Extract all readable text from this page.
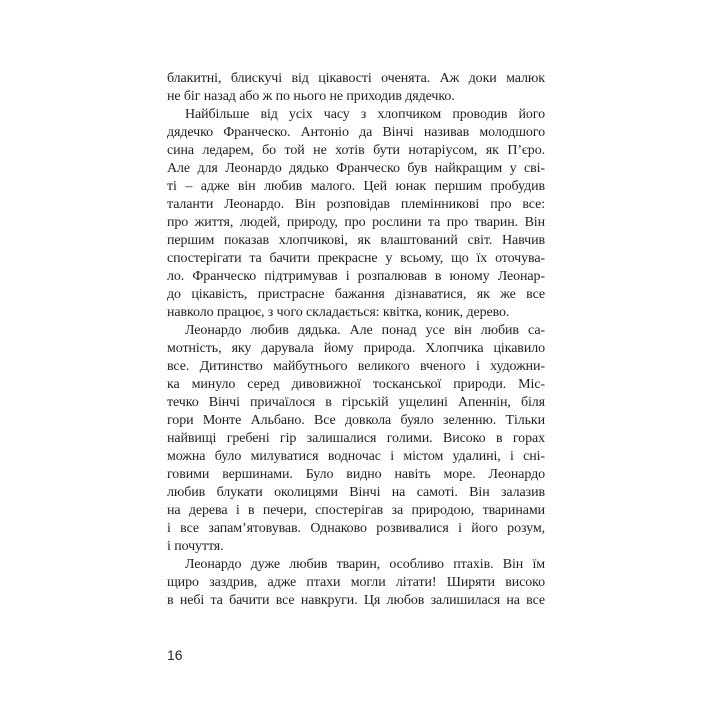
блакитні, блискучі від цікавості оченята. Аж доки малюк
не біг назад або ж по нього не приходив дядечко.
Найбільше від усіх часу з хлопчиком проводив його
дядечко Франческо. Антоніо да Вінчі називав молодшого
сина ледарем, бо той не хотів бути нотаріусом, як П’єро.
Але для Леонардо дядько Франческо був найкращим у сві-
ті – адже він любив малого. Цей юнак першим пробудив
таланти Леонардо. Він розповідав племінникові про все:
про життя, людей, природу, про рослини та про тварин. Він
першим показав хлопчикові, як влаштований світ. Навчив
спостерігати та бачити прекрасне у всьому, що їх оточува-
ло. Франческо підтримував і розпалював в юному Леонар-
до цікавість, пристрасне бажання дізнаватися, як же все
навколо працює, з чого складається: квітка, коник, дерево.
Леонардо любив дядька. Але понад усе він любив са-
мотність, яку дарувала йому природа. Хлопчика цікавило
все. Дитинство майбутнього великого вченого і художни-
ка минуло серед дивовижної тосканської природи. Міс-
течко Вінчі причаїлося в гірській ущелині Апеннін, біля
гори Монте Альбано. Все довкола буяло зеленню. Тільки
найвищі гребені гір залишалися голими. Високо в горах
можна було милуватися водночас і містом удалині, і сні-
говими вершинами. Було видно навіть море. Леонардо
любив блукати околицями Вінчі на самоті. Він залазив
на дерева і в печери, спостерігав за природою, тваринами
і все запам’ятовував. Однаково розвивалися і його розум,
і почуття.
Леонардо дуже любив тварин, особливо птахів. Він їм
щиро заздрив, адже птахи могли літати! Ширяти високо
в небі та бачити все навкруги. Ця любов залишилася на все
16
